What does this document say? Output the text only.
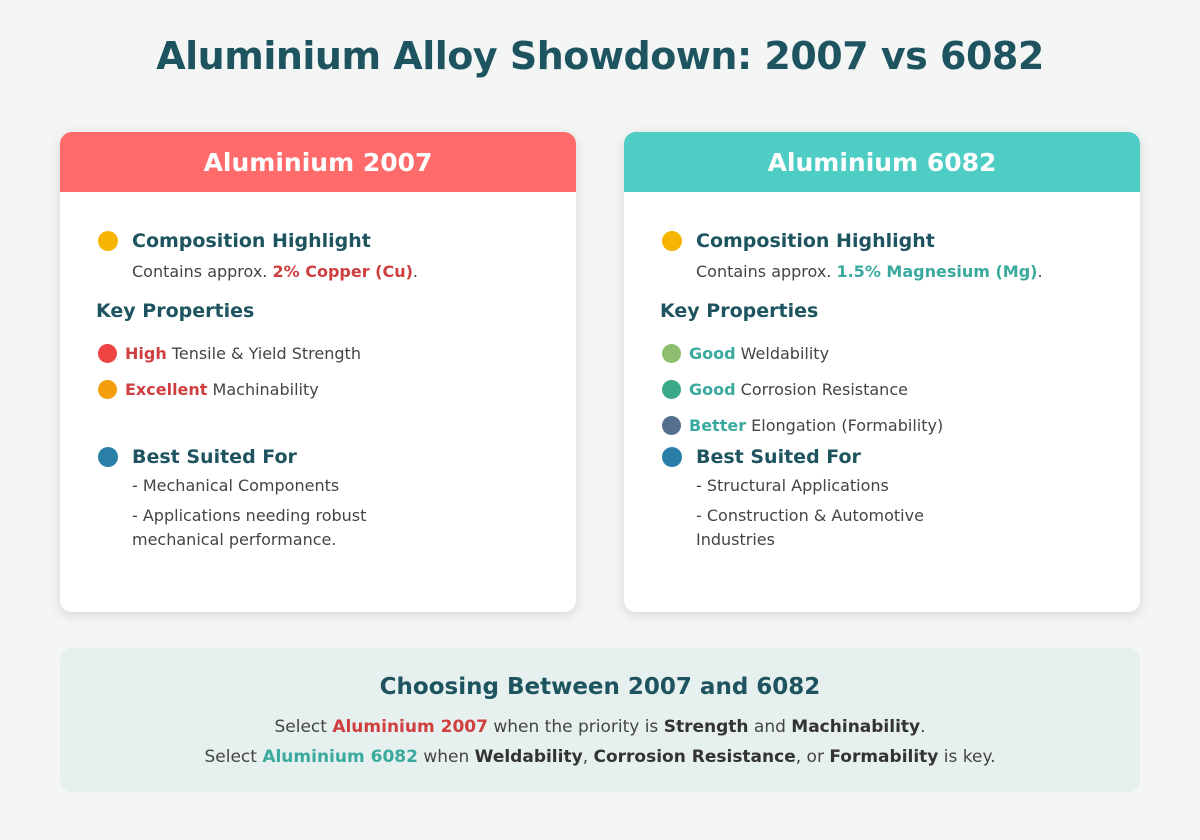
Aluminium Alloy Showdown: 2007 vs 6082
Aluminium 2007
Composition Highlight
Contains approx. 2% Copper (Cu).
Key Properties
High Tensile & Yield Strength
Excellent Machinability
Best Suited For
- Mechanical Components
- Applications needing robust mechanical performance.
Aluminium 6082
Composition Highlight
Contains approx. 1.5% Magnesium (Mg).
Key Properties
Good Weldability
Good Corrosion Resistance
Better Elongation (Formability)
Best Suited For
- Structural Applications
- Construction & Automotive Industries
Choosing Between 2007 and 6082
Select Aluminium 2007 when the priority is Strength and Machinability.
Select Aluminium 6082 when Weldability, Corrosion Resistance, or Formability is key.
